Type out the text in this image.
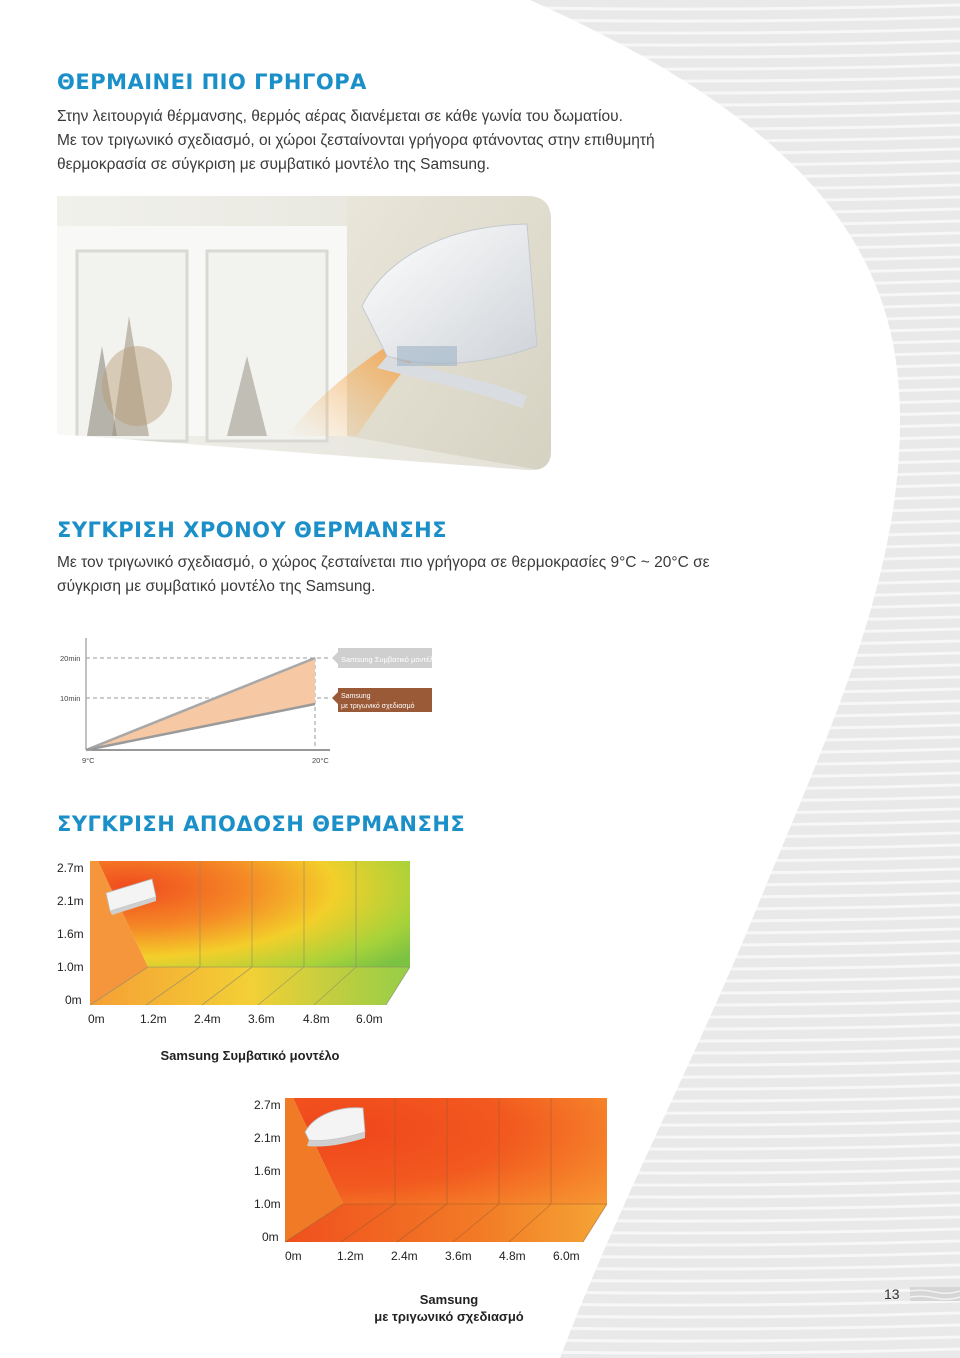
ΘΕΡΜΑΙΝΕΙ ΠΙΟ ΓΡΗΓΟΡΑ
Στην λειτουργιά θέρμανσης, θερμός αέρας διανέμεται σε κάθε γωνία του δωματίου.
Με τον τριγωνικό σχεδιασμό, οι χώροι ζεσταίνονται γρήγορα φτάνοντας στην επιθυμητή
θερμοκρασία σε σύγκριση με συμβατικό μοντέλο της Samsung.
ΣΥΓΚΡΙΣΗ ΧΡΟΝΟΥ ΘΕΡΜΑΝΣΗΣ
Με τον τριγωνικό σχεδιασμό, ο χώρος ζεσταίνεται πιο γρήγορα σε θερμοκρασίες 9°C ~ 20°C σε
σύγκριση με συμβατικό μοντέλο της Samsung.
20min
10min
9°C	20°C
Samsung Συμβατικό μοντέλο
Samsung με τριγωνικό σχεδιασμό
ΣΥΓΚΡΙΣΗ ΑΠΟΔΟΣΗ ΘΕΡΜΑΝΣΗΣ
2.7m
2.1m
1.6m
1.0m
0m
0m	1.2m 2.4m 3.6m 4.8m 6.0m
Samsung Συμβατικό μοντέλο
2.7m
2.1m
1.6m
1.0m
0m
0m	1.2m 2.4m 3.6m 4.8m 6.0m
Samsung
με τριγωνικό σχεδιασμό
13
